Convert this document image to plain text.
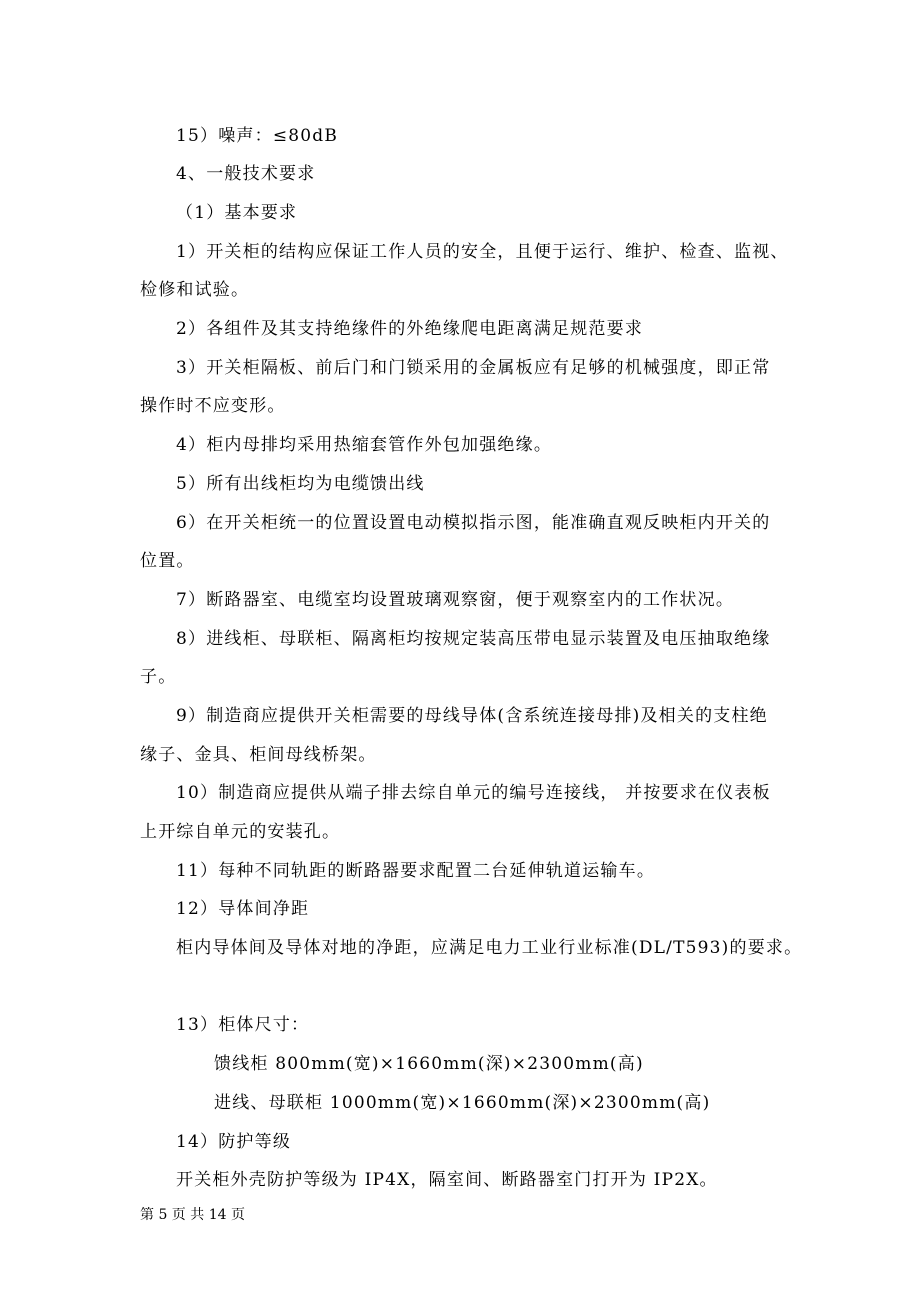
15）噪声：≤80dB
4、一般技术要求
（1）基本要求
1）开关柜的结构应保证工作人员的安全，且便于运行、维护、检查、监视、
检修和试验。
2）各组件及其支持绝缘件的外绝缘爬电距离满足规范要求
3）开关柜隔板、前后门和门锁采用的金属板应有足够的机械强度，即正常
操作时不应变形。
4）柜内母排均采用热缩套管作外包加强绝缘。
5）所有出线柜均为电缆馈出线
6）在开关柜统一的位置设置电动模拟指示图，能准确直观反映柜内开关的
位置。
7）断路器室、电缆室均设置玻璃观察窗，便于观察室内的工作状况。
8）进线柜、母联柜、隔离柜均按规定装高压带电显示装置及电压抽取绝缘
子。
9）制造商应提供开关柜需要的母线导体(含系统连接母排)及相关的支柱绝
缘子、金具、柜间母线桥架。
10）制造商应提供从端子排去综自单元的编号连接线， 并按要求在仪表板
上开综自单元的安装孔。
11）每种不同轨距的断路器要求配置二台延伸轨道运输车。
12）导体间净距
柜内导体间及导体对地的净距，应满足电力工业行业标准(DL/T593)的要求。
13）柜体尺寸：
馈线柜 800mm(宽)×1660mm(深)×2300mm(高)
进线、母联柜 1000mm(宽)×1660mm(深)×2300mm(高)
14）防护等级
开关柜外壳防护等级为 IP4X，隔室间、断路器室门打开为 IP2X。
第 5 页 共 14 页
